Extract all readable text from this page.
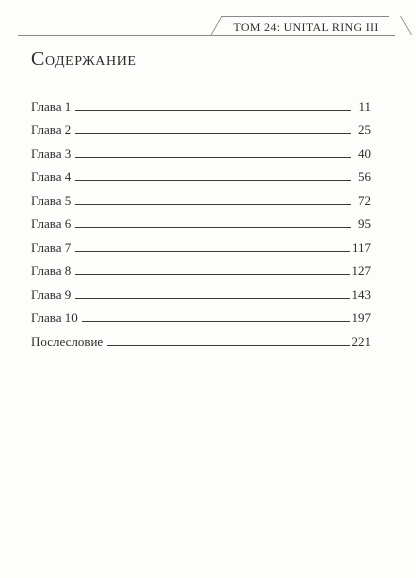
ТОМ 24: UNITAL RING III
Содержание
Глава 1	11
Глава 2	25
Глава 3	40
Глава 4	56
Глава 5	72
Глава 6	95
Глава 7	117
Глава 8	127
Глава 9	143
Глава 10	197
Послесловие	221
